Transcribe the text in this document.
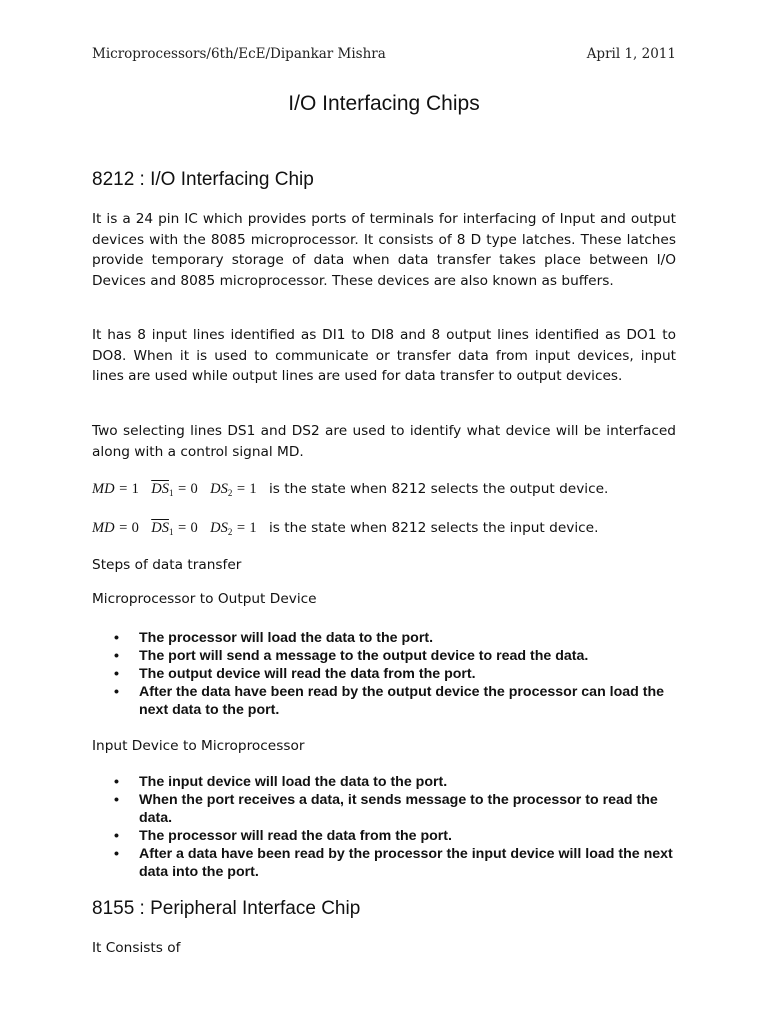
Microprocessors/6th/EcE/Dipankar Mishra	April 1, 2011
I/O Interfacing Chips
8212 : I/O Interfacing Chip
It is a 24 pin IC which provides ports of terminals for interfacing of Input and output devices with the 8085 microprocessor. It consists of 8 D type latches. These latches provide temporary storage of data when data transfer takes place between I/O Devices and 8085 microprocessor. These devices are also known as buffers.
It has 8 input lines identified as DI1 to DI8 and 8 output lines identified as DO1 to DO8. When it is used to communicate or transfer data from input devices, input lines are used while output lines are used for data transfer to output devices.
Two selecting lines DS1 and DS2 are used to identify what device will be interfaced along with a control signal MD.
MD = 1 $\overline{DS}_1 = 0$ $DS_2 = 1$ is the state when 8212 selects the output device.
MD = 0 $\overline{DS}_1 = 0$ $DS_2 = 1$ is the state when 8212 selects the input device.
Steps of data transfer
Microprocessor to Output Device
• The processor will load the data to the port.
• The port will send a message to the output device to read the data.
• The output device will read the data from the port.
• After the data have been read by the output device the processor can load the next data to the port.
Input Device to Microprocessor
• The input device will load the data to the port.
• When the port receives a data, it sends message to the processor to read the data.
• The processor will read the data from the port.
• After a data have been read by the processor the input device will load the next data into the port.
8155 : Peripheral Interface Chip
It Consists of
